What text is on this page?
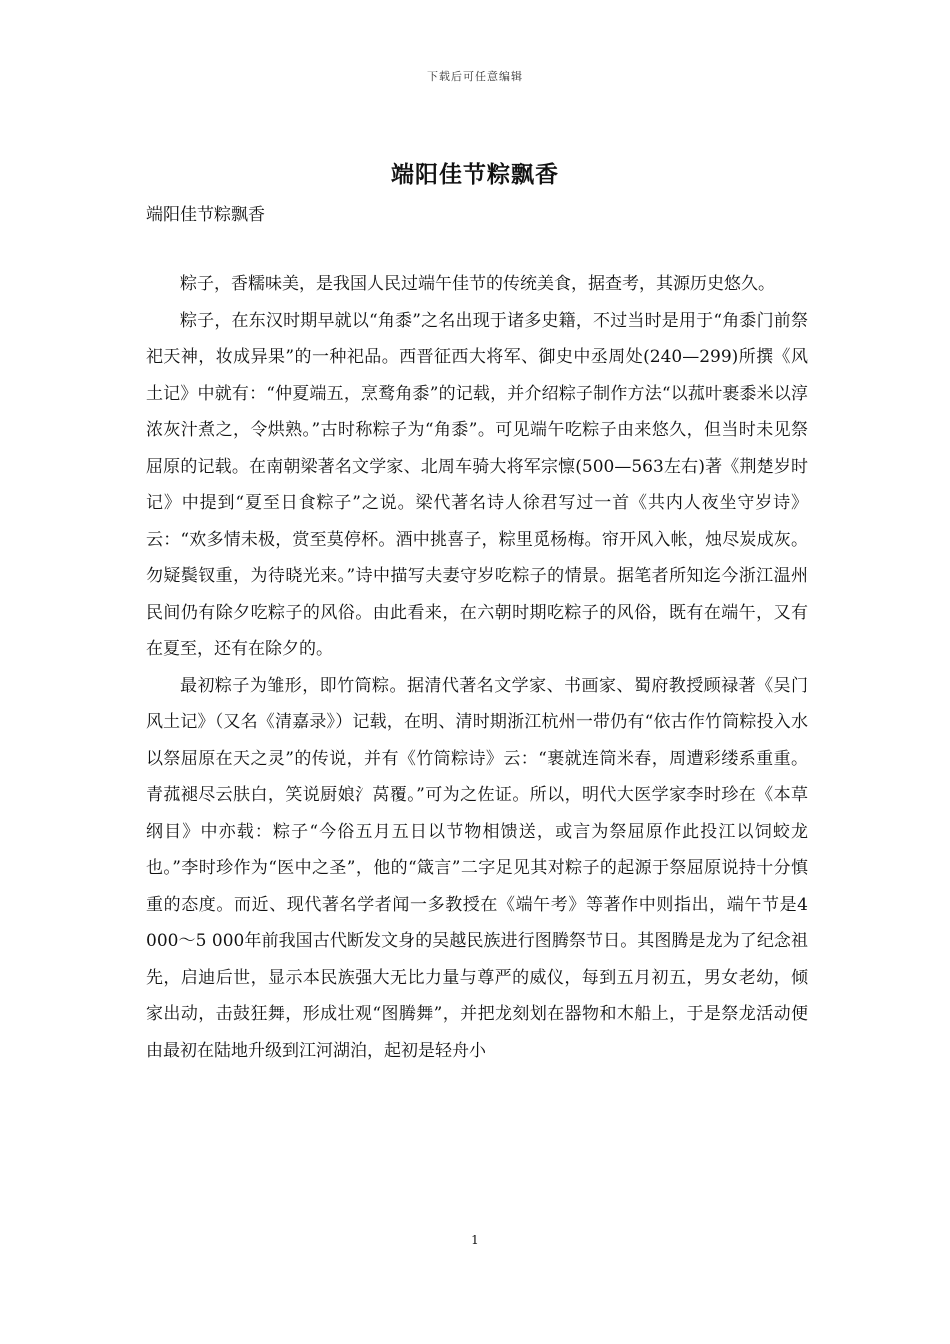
下载后可任意编辑
端阳佳节粽飘香
端阳佳节粽飘香

粽子，香糯味美，是我国人民过端午佳节的传统美食，据查考，其源历史悠久。

粽子，在东汉时期早就以“角黍”之名出现于诸多史籍，不过当时是用于“角黍门前祭祀天神，妆成异果”的一种祀品。西晋征西大将军、御史中丞周处(240—299)所撰《风土记》中就有：“仲夏端五，烹鹜角黍”的记载，并介绍粽子制作方法“以菰叶裹黍米以淳浓灰汁煮之，令烘熟。”古时称粽子为“角黍”。可见端午吃粽子由来悠久，但当时未见祭屈原的记载。在南朝梁著名文学家、北周车骑大将军宗懔(500—563左右)著《荆楚岁时记》中提到“夏至日食粽子”之说。梁代著名诗人徐君写过一首《共内人夜坐守岁诗》云：“欢多情未极，赏至莫停杯。酒中挑喜子，粽里觅杨梅。帘开风入帐，烛尽炭成灰。勿疑鬓钗重，为待晓光来。”诗中描写夫妻守岁吃粽子的情景。据笔者所知迄今浙江温州民间仍有除夕吃粽子的风俗。由此看来，在六朝时期吃粽子的风俗，既有在端午，又有在夏至，还有在除夕的。

最初粽子为雏形，即竹筒粽。据清代著名文学家、书画家、蜀府教授顾禄著《吴门风土记》（又名《清嘉录》）记载，在明、清时期浙江杭州一带仍有“依古作竹筒粽投入水以祭屈原在天之灵”的传说，并有《竹筒粽诗》云：“裹就连筒米春，周遭彩缕系重重。青菰褪尽云肤白，笑说厨娘氵莴覆。”可为之佐证。所以，明代大医学家李时珍在《本草纲目》中亦载：粽子“今俗五月五日以节物相馈送，或言为祭屈原作此投江以饲蛟龙也。”李时珍作为“医中之圣”，他的“箴言”二字足见其对粽子的起源于祭屈原说持十分慎重的态度。而近、现代著名学者闻一多教授在《端午考》等著作中则指出，端午节是4 000～5 000年前我国古代断发文身的吴越民族进行图腾祭节日。其图腾是龙为了纪念祖先，启迪后世，显示本民族强大无比力量与尊严的威仪，每到五月初五，男女老幼，倾家出动，击鼓狂舞，形成壮观“图腾舞”，并把龙刻划在器物和木船上，于是祭龙活动便由最初在陆地升级到江河湖泊，起初是轻舟小

1
